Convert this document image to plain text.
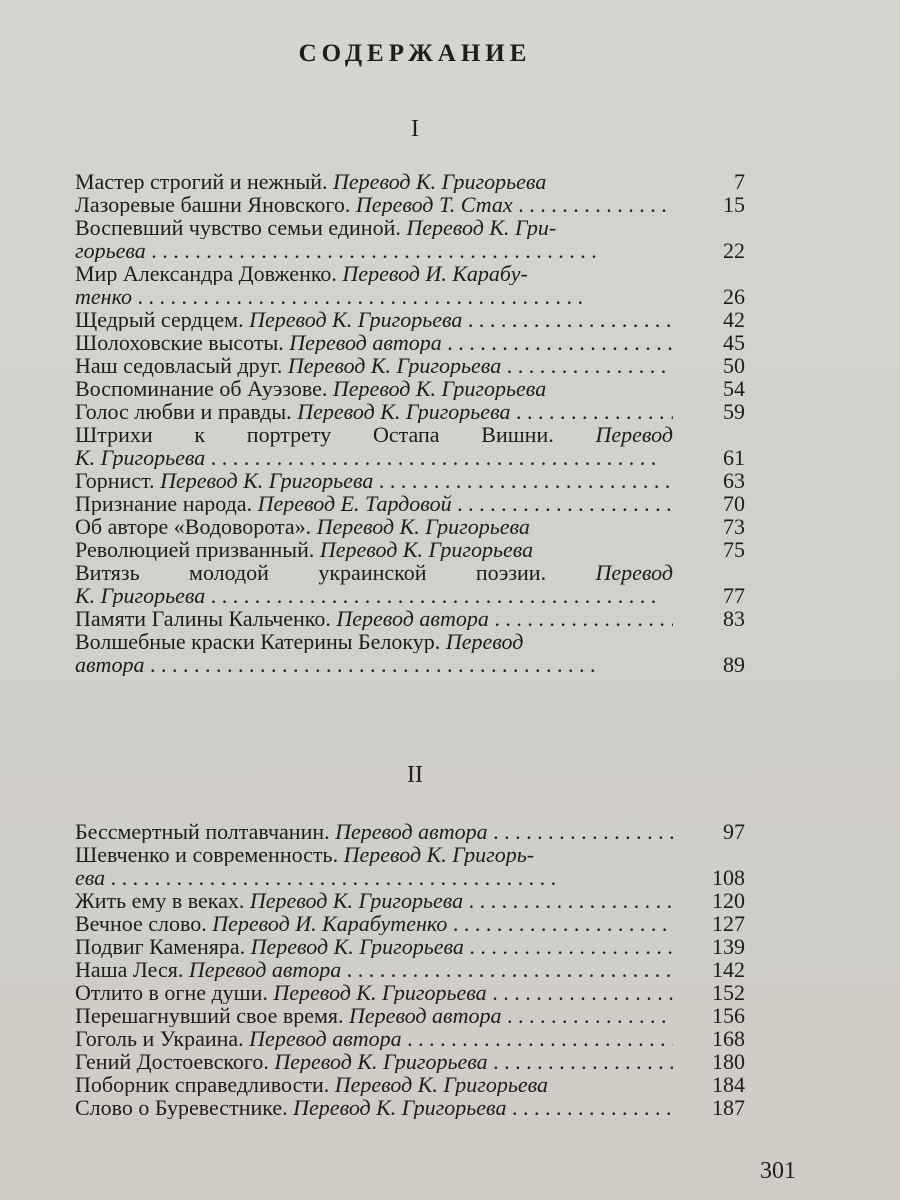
СОДЕРЖАНИЕ
I
Мастер строгий и нежный. Перевод К. Григорьева	7
Лазоревые башни Яновского. Перевод Т. Стах . . .	15
Воспевший чувство семьи единой. Перевод К. Гри-
горьева . . .	22
Мир Александра Довженко. Перевод И. Карабу-
тенко . . .	26
Щедрый сердцем. Перевод К. Григорьева . . .	42
Шолоховские высоты. Перевод автора . . .	45
Наш седовласый друг. Перевод К. Григорьева . . .	50
Воспоминание об Ауэзове. Перевод К. Григорьева	54
Голос любви и правды. Перевод К. Григорьева . . .	59
Штрихи к портрету Остапа Вишни. Перевод
К. Григорьева . . .	61
Горнист. Перевод К. Григорьева . . .	63
Признание народа. Перевод Е. Тардовой . . .	70
Об авторе «Водоворота». Перевод К. Григорьева	73
Революцией призванный. Перевод К. Григорьева	75
Витязь молодой украинской поэзии. Перевод
К. Григорьева . . .	77
Памяти Галины Кальченко. Перевод автора . . .	83
Волшебные краски Катерины Белокур. Перевод
автора . . .	89
II
Бессмертный полтавчанин. Перевод автора . . .	97
Шевченко и современность. Перевод К. Григорь-
ева . . .	108
Жить ему в веках. Перевод К. Григорьева . . .	120
Вечное слово. Перевод И. Карабутенко . . .	127
Подвиг Каменяра. Перевод К. Григорьева . . .	139
Наша Леся. Перевод автора . . .	142
Отлито в огне души. Перевод К. Григорьева . . .	152
Перешагнувший свое время. Перевод автора . . .	156
Гоголь и Украина. Перевод автора . . .	168
Гений Достоевского. Перевод К. Григорьева . . .	180
Поборник справедливости. Перевод К. Григорьева	184
Слово о Буревестнике. Перевод К. Григорьева . . .	187
301
